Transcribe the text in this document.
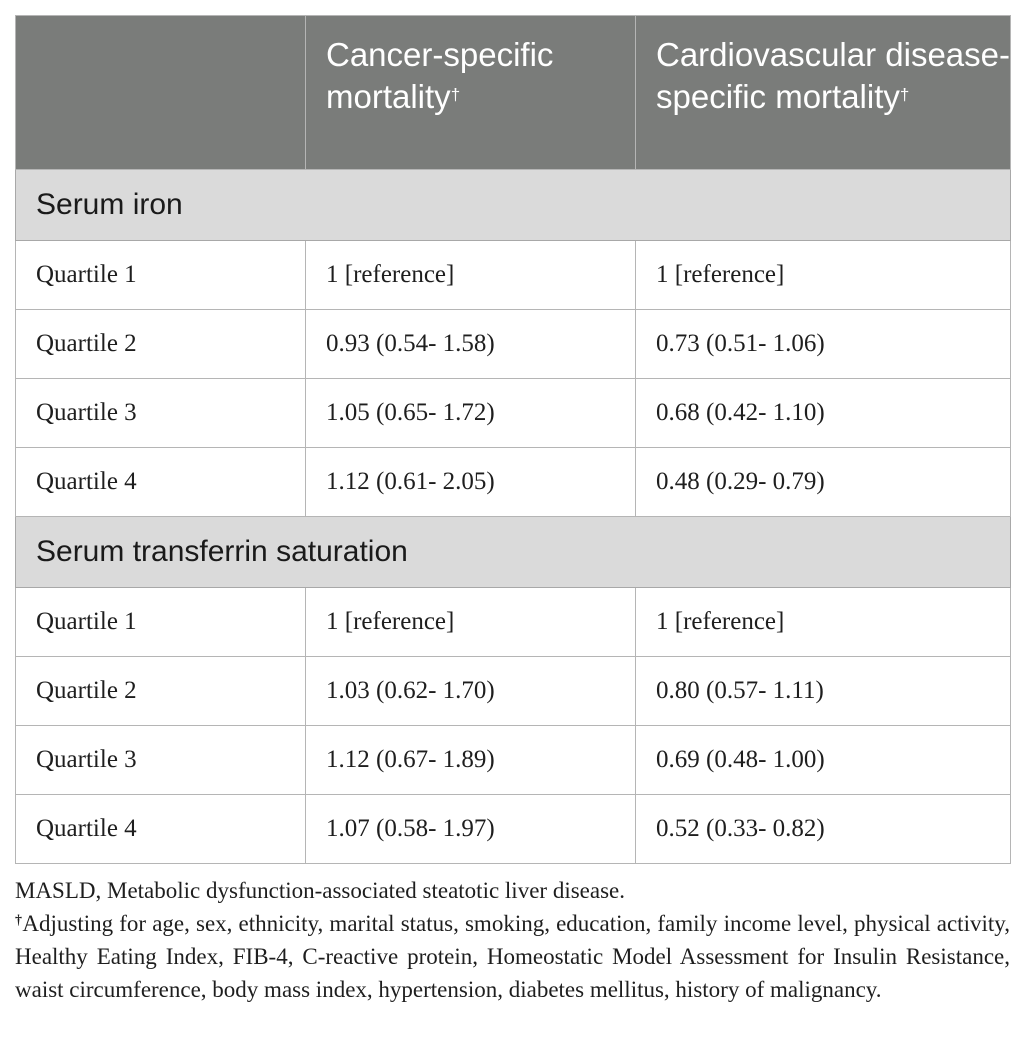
	Cancer-specific mortality†	Cardiovascular disease-specific mortality†
Serum iron		
Quartile 1	1 [reference]	1 [reference]
Quartile 2	0.93 (0.54- 1.58)	0.73 (0.51- 1.06)
Quartile 3	1.05 (0.65- 1.72)	0.68 (0.42- 1.10)
Quartile 4	1.12 (0.61- 2.05)	0.48 (0.29- 0.79)
Serum transferrin saturation		
Quartile 1	1 [reference]	1 [reference]
Quartile 2	1.03 (0.62- 1.70)	0.80 (0.57- 1.11)
Quartile 3	1.12 (0.67- 1.89)	0.69 (0.48- 1.00)
Quartile 4	1.07 (0.58- 1.97)	0.52 (0.33- 0.82)

MASLD, Metabolic dysfunction-associated steatotic liver disease.

†Adjusting for age, sex, ethnicity, marital status, smoking, education, family income level, physical activity, Healthy Eating Index, FIB-4, C-reactive protein, Homeostatic Model Assessment for Insulin Resistance, waist circumference, body mass index, hypertension, diabetes mellitus, history of malignancy.
